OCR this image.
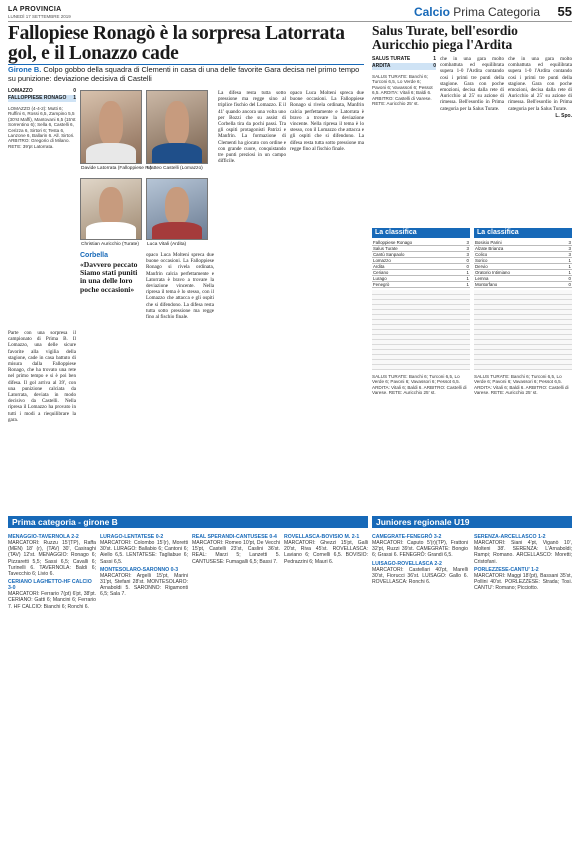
LA PROVINCIA
LUNEDÌ 17 SETTEMBRE 2019	Calcio Prima Categoria 55
Fallopiese Ronagò è la sorpresa Latorrata gol, e il Lonazzo cade
Girone B. Colpo gobbo della squadra di Clementi in casa di una delle favorite Gara decisa nel primo tempo su punizione: deviazione decisiva di Castelli
LOMAZZO	0
FALLOPPIESE RONAGO 1
LOMAZZO (4-4-2): Mutti 6; Ruffini 6, Rossi 6,5, Zampino 5,5 (30'st Maffi), Mantovani 6,5 (15'st Sorrentino 6); Sella 6, Castelli 6, Cerizza 6, Sirtori 6; Testa 6, Lanzone 6, Ballarin 6. All. Sirtori. ARBITRO: Gregorio di Milano. RETE: 39'pt Latorrata.

Parte con una sorpresa il campionato di Prima B. Il Lomazzo, una delle sicure favorite alla vigilia della stagione, cade in casa battuto di misura dalla Falloppiese Ronago, che ha trovato una rete nel primo tempo e si è poi ben difesa. Il gol arriva al 39', con una punizione calciata da Latorrata, deviata in modo decisivo da Castelli. Nella ripresa il Lomazzo ha provato in tutti i modi a riequilibrare la gara.

Davide Latorrata (Falloppiese R.)
Matteo Castelli (Lomazzo)
Christian Auricchio (Turate) Luca Vitali (Ardita)
Corbella
«Davvero peccato Siamo stati puniti in una delle loro poche occasioni»

opaco Luca Molteni spreca due buone occasioni. La Falloppiese Ronago si rivela ordinata, Manfrin calcia perfettamente e Latorrata è bravo a trovare la deviazione vincente. Nella ripresa il tema è lo stesso, con il Lomazzo che attacca e gli ospiti che si difendono. La difesa resta tutta sotto pressione ma regge fino al fischio finale.

La difesa resta tutta sotto pressione ma regge sino al triplice fischio del Lomazzo. E il 41' quando ancora una volta uno per Bozzi che su assist di Corbella tira da pochi passi. Tra gli ospiti protagonisti Patrizi e Manfrin. La formazione di Clementi ha giocato con ordine e con grande cuore, conquistando tre punti preziosi in un campo difficile.

opaco Luca Molteni spreca due buone occasioni. La Falloppiese Ronago si rivela ordinata, Manfrin calcia perfettamente e Latorrata è bravo a trovare la deviazione vincente. Nella ripresa il tema è lo stesso, con il Lomazzo che attacca e gli ospiti che si difendono. La difesa resta tutta sotto pressione ma regge fino al fischio finale.

Salus Turate, bell'esordio Auricchio piega l'Ardita
SALUS TURATE	1
ARDITA	0
SALUS TURATE: Banchi 6; Turconi 6,5, Lo Verde 6; Pavoni 6; Vavassori 6; Pessot 6,5. ARDITA: Vitali 6; Baldi 6. ARBITRO: Castelli di Varese. RETE: Auricchio 25' st.

che in una gara molto combattuta ed equilibrata supera 1-0 l'Ardita contando così i primi tre punti della stagione. Gara con poche emozioni, decisa dalla rete di Auricchio al 25' su azione di rimessa. Bell'esordio in Prima categoria per la Salus Turate.

che in una gara molto combattuta ed equilibrata supera 1-0 l'Ardita contando così i primi tre punti della stagione. Gara con poche emozioni, decisa dalla rete di Auricchio al 25' su azione di rimessa. Bell'esordio in Prima categoria per la Salus Turate.

L. Spo.

La classifica	La classifica
Falloppiese Ronago	3
Salus Turate	3
Cantù Sanpaolo	3
Lomazzo	0
Ardita	0
Ceriano	1
Lurago	1
Fenegrò	1
Bosisio Parini	3
Alzate Brianza	3
Colico	3
Sorico	1
Dervio	1
Oratorio Intimiano	1
Lemna	0
Montorfano	0
SALUS TURATE: Banchi 6; Turconi 6,5, Lo Verde 6; Pavoni 6; Vavassori 6; Pessot 6,5. ARDITA: Vitali 6; Baldi 6. ARBITRO: Castelli di Varese. RETE: Auricchio 25' st.
SALUS TURATE: Banchi 6; Turconi 6,5, Lo Verde 6; Pavoni 6; Vavassori 6; Pessot 6,5. ARDITA: Vitali 6; Baldi 6. ARBITRO: Castelli di Varese. RETE: Auricchio 25' st.
Prima categoria - girone B	Juniores regionale U19
MENAGGIO-TAVERNOLA 2-2

MARCATORI: Ruzzu 15'(TP), Raffa (MEN) 18' (r), (TAV) 30', Casiraghi (TAV) 12'st. MENAGGIO: Ronago 6; Pizzaretti 5,5; Sassi 6,5; Cavalli 6; Turinelli 6. TAVERNOLA: Baldi 6; Tavecchio 6; Livio 6.

CERIANO LAGHETTO-HF CALCIO 3-0

MARCATORI: Ferrario 7(pt) 6'pt, 38'pt. CERIANO: Gatti 6; Mancini 6; Ferrario 7. HF CALCIO: Bianchi 6; Ronchi 6.

LURAGO-LENTATESE 0-2

MARCATORI: Colombo 15'(r), Moretti 30'st. LURAGO: Ballabio 6; Cantoni 6; Aiello 6,5. LENTATESE: Tagliabue 6; Sassi 6,5.

MONTESOLARO-SARONNO 0-3

MARCATORI: Argelli 15'pt, Marini 31'pt, Stefani 28'st. MONTESOLARO: Arnaboldi 5. SARONNO: Rigamonti 6,5; Sala 7.

REAL SPERANDI-CANTUSESE 0-4

MARCATORI: Romeo 10'pt, De Vecchi 15'pt, Castelli 23'st, Caslini 36'st. REAL: Marzi 5; Lanzetti 5. CANTUSESE: Fumagalli 6,5; Bassi 7.

ROVELLASCA-BOVISIO M. 2-1

MARCATORI: Ghezzi 15'pt, Galli 20'st, Riva 45'st. ROVELLASCA: Laviano 6; Cornelli 6,5. BOVISIO: Pedrazzini 6; Mauri 6.

CAMEGRATE-FENEGRÒ 3-2

MARCATORI: Caputo 5'(r)(TP), Frattoni 32'pt, Ruzzi 39'st. CAMEGRATE: Bongio 6; Grassi 6. FENEGRÒ: Grandi 6,5.

LUISAGO-ROVELLASCA 2-2

MARCATORI: Castellari 40'pt, Marelli 30'st, Fiorucci 36'st. LUISAGO: Gallo 6. ROVELLASCA: Ronchi 6.

SERENZA-ARCELLASCO 1-2

MARCATORI: Siani 4'pt, Viganò 10', Molteni 38'. SERENZA: L'Arnaboldi; Rampi; Romano. ARCELLASCO: Moretti; Cristofani.

PORLEZZESE-CANTU' 1-2

MARCATORI: Maggi 18'(pt), Bassani 35'st, Pollini 40'st. PORLEZZESE: Strada; Tosi. CANTU': Romano; Picciotto.
